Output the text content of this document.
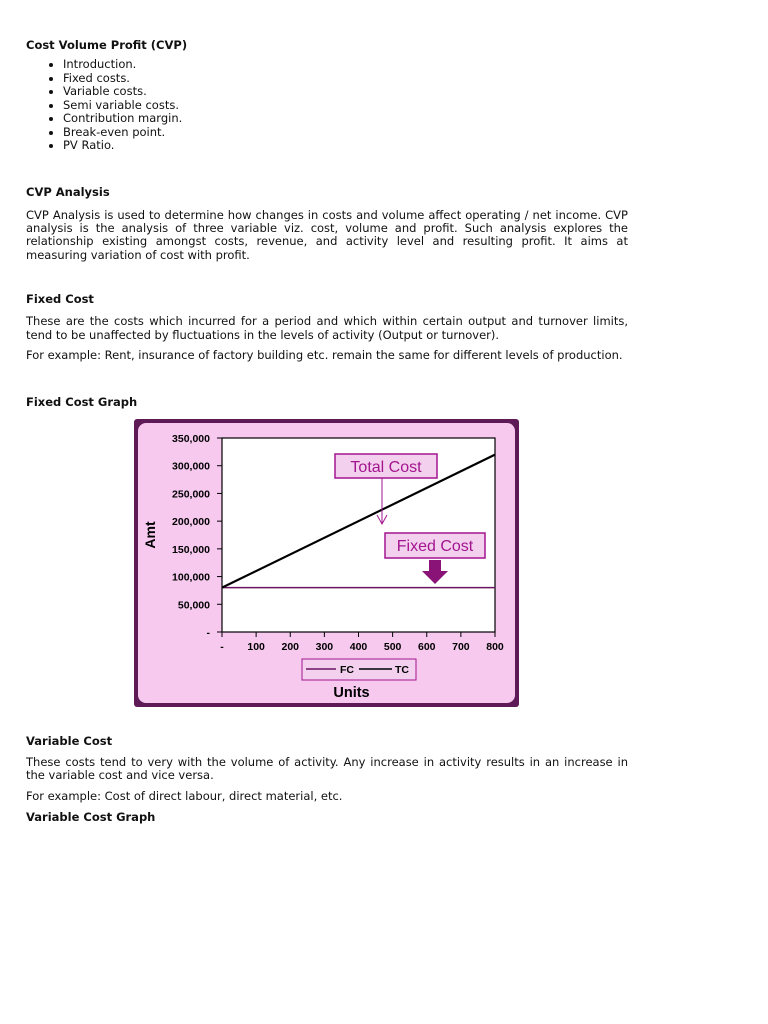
Cost Volume Profit (CVP)
• Introduction.
• Fixed costs.
• Variable costs.
• Semi variable costs.
• Contribution margin.
• Break-even point.
• PV Ratio.
CVP Analysis

CVP Analysis is used to determine how changes in costs and volume affect operating / net income. CVP analysis is the analysis of three variable viz. cost, volume and profit. Such analysis explores the relationship existing amongst costs, revenue, and activity level and resulting profit. It aims at measuring variation of cost with profit.

Fixed Cost

These are the costs which incurred for a period and which within certain output and turnover limits, tend to be unaffected by fluctuations in the levels of activity (Output or turnover).

For example: Rent, insurance of factory building etc. remain the same for different levels of production.

Fixed Cost Graph
-
50,000
100,000
150,000
200,000
250,000
300,000
350,000
- 100 200 300 400 500 600 700 800
Amt
Units
Total Cost
Fixed Cost
FC	TC
Variable Cost

These costs tend to very with the volume of activity. Any increase in activity results in an increase in the variable cost and vice versa.

For example: Cost of direct labour, direct material, etc.

Variable Cost Graph
